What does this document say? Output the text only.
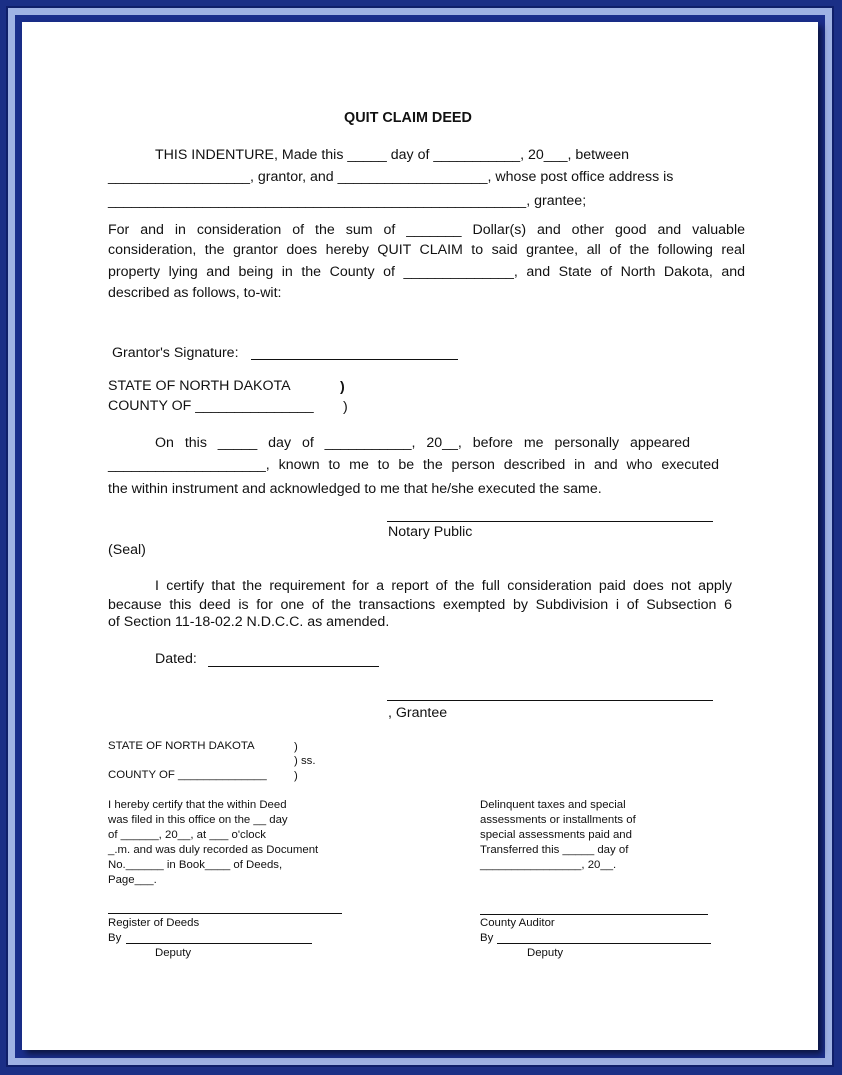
QUIT CLAIM DEED
THIS INDENTURE, Made this _____ day of ___________, 20___, between
__________________, grantor, and ___________________, whose post office address is
_____________________________________________________, grantee;
For and in consideration of the sum of _______ Dollar(s) and other good and valuable
consideration, the grantor does hereby QUIT CLAIM to said grantee, all of the following real
property lying and being in the County of ______________, and State of North Dakota, and
described as follows, to-wit:
Grantor's Signature:
STATE OF NORTH DAKOTA	)
COUNTY OF _______________ )
On this _____ day of ___________, 20__, before me personally appeared
____________________, known to me to be the person described in and who executed
the within instrument and acknowledged to me that he/she executed the same.
Notary Public
(Seal)
I certify that the requirement for a report of the full consideration paid does not apply
because this deed is for one of the transactions exempted by Subdivision i of Subsection 6
of Section 11-18-02.2 N.D.C.C. as amended.
Dated:
, Grantee
STATE OF NORTH DAKOTA	)
) ss.
COUNTY OF ______________ )
I hereby certify that the within Deed
was filed in this office on the __ day
of ______, 20__, at ___ o'clock
_.m. and was duly recorded as Document
No.______ in Book____ of Deeds,
Page___.
Register of Deeds
By
Deputy
Delinquent taxes and special
assessments or installments of
special assessments paid and
Transferred this _____ day of
________________, 20__.
County Auditor
By
Deputy
